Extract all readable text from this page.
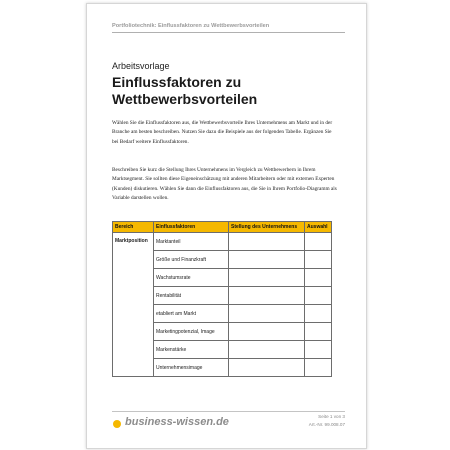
Portfoliotechnik: Einflussfaktoren zu Wettbewerbsvorteilen
Arbeitsvorlage
Einflussfaktoren zu
Wettbewerbsvorteilen
Wählen Sie die Einflussfaktoren aus, die Wettbewerbsvorteile Ihres Unternehmens am Markt und in der Branche am besten beschreiben. Nutzen Sie dazu die Beispiele aus der folgenden Tabelle. Ergänzen Sie bei Bedarf weitere Einflussfaktoren.
Beschreiben Sie kurz die Stellung Ihres Unternehmens im Vergleich zu Wettbewerbern in Ihrem Marktsegment. Sie sollten diese Eigeneinschätzung mit anderen Mitarbeitern oder mit externen Experten (Kunden) diskutieren. Wählen Sie dann die Einflussfaktoren aus, die Sie in Ihrem Portfolio-Diagramm als Variable darstellen wollen.
Bereich	Einflussfaktoren	Stellung des Unternehmens	Auswahl
Marktposition	Marktanteil		
	Größe und Finanzkraft		
	Wachstumsrate		
	Rentabilität		
	etabliert am Markt		
	Marketingpotenzial, Image		
	Markenstärke		
	Unternehmensimage		
business-wissen.de	Seite 1 von 3
Art.-Nr. 99.008.07
